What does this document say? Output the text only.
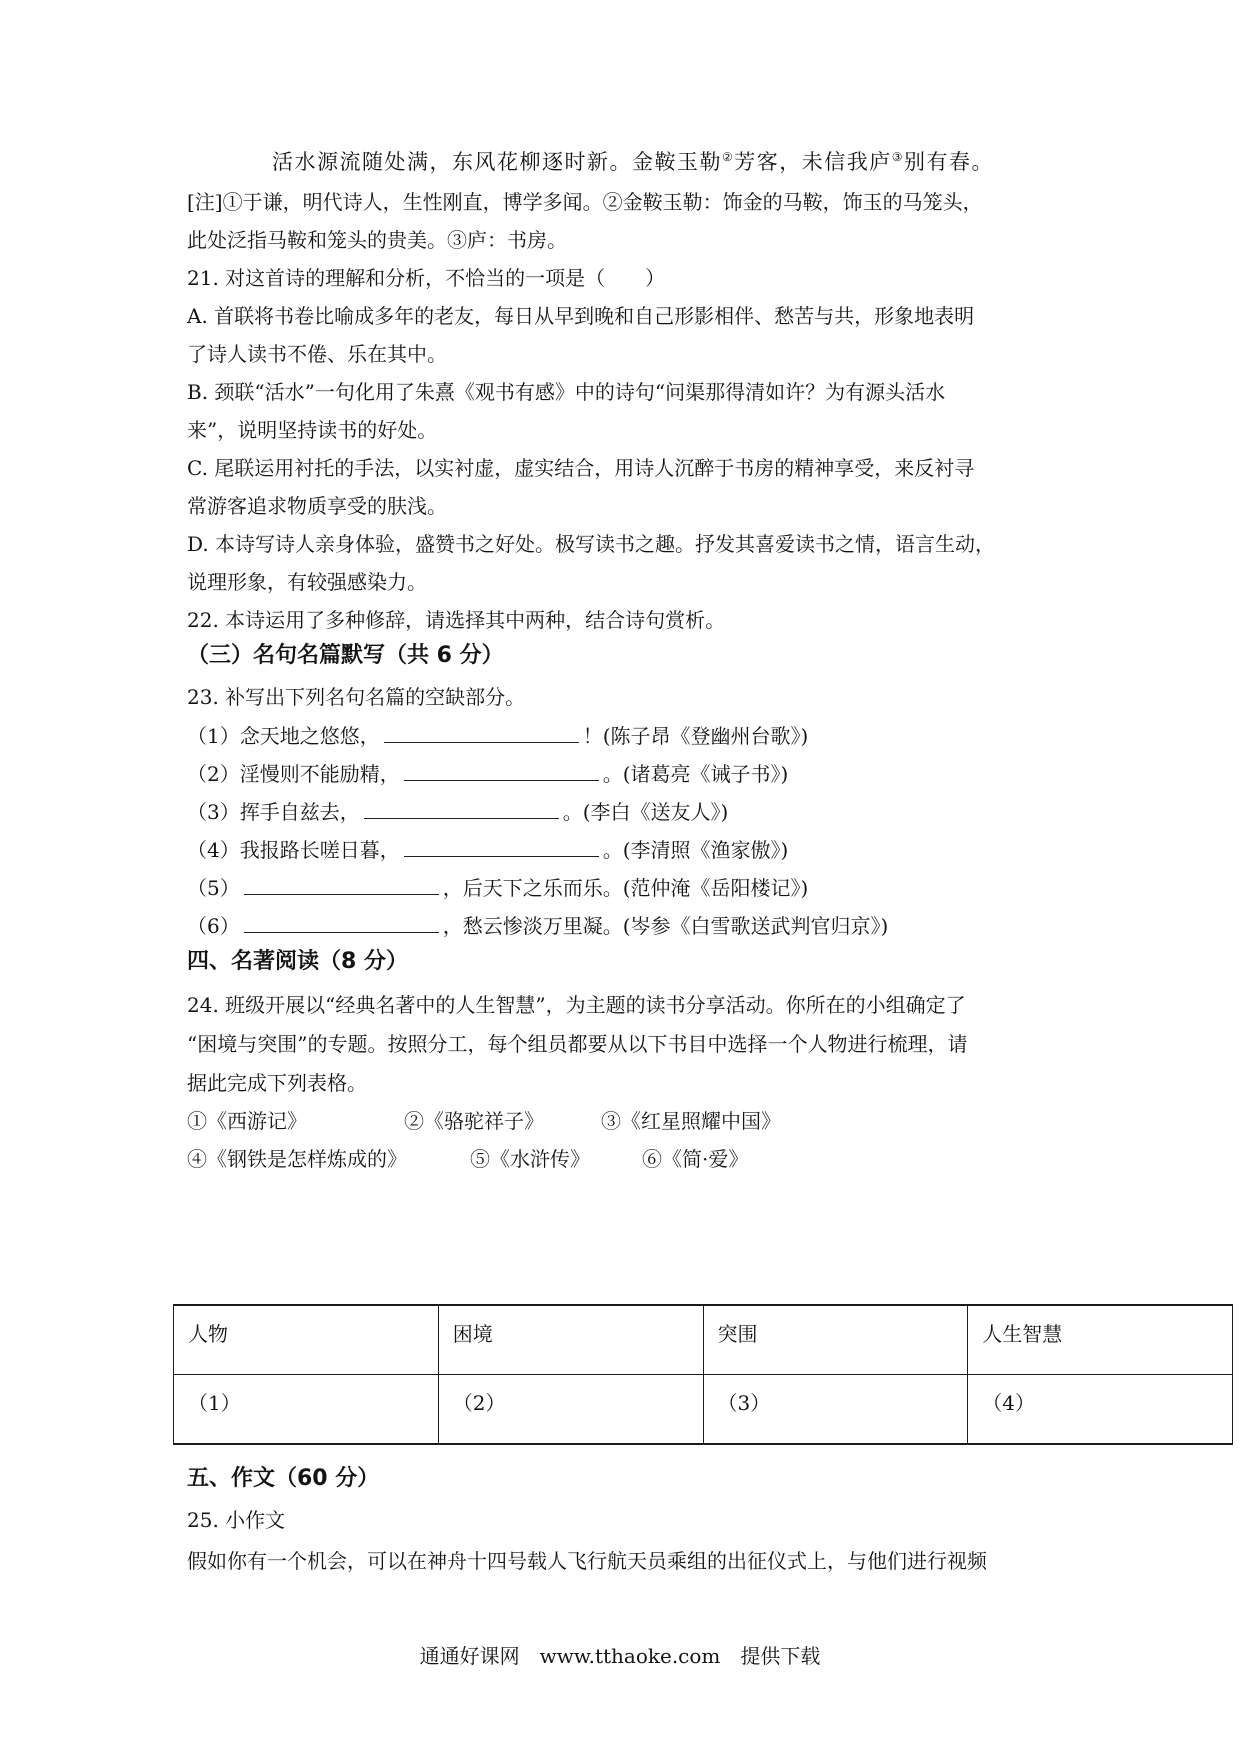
活水源流随处满，东风花柳逐时新。金鞍玉勒②芳客，未信我庐③别有春。
[注]①于谦，明代诗人，生性刚直，博学多闻。②金鞍玉勒：饰金的马鞍，饰玉的马笼头，
此处泛指马鞍和笼头的贵美。③庐：书房。
21. 对这首诗的理解和分析，不恰当的一项是（　　）
A. 首联将书卷比喻成多年的老友，每日从早到晚和自己形影相伴、愁苦与共，形象地表明
了诗人读书不倦、乐在其中。
B. 颈联“活水”一句化用了朱熹《观书有感》中的诗句“问渠那得清如许？为有源头活水
来”，说明坚持读书的好处。
C. 尾联运用衬托的手法，以实衬虚，虚实结合，用诗人沉醉于书房的精神享受，来反衬寻
常游客追求物质享受的肤浅。
D. 本诗写诗人亲身体验，盛赞书之好处。极写读书之趣。抒发其喜爱读书之情，语言生动，
说理形象，有较强感染力。
22. 本诗运用了多种修辞，请选择其中两种，结合诗句赏析。
（三）名句名篇默写（共 6 分）
23. 补写出下列名句名篇的空缺部分。
（1）念天地之悠悠，	！(陈子昂《登幽州台歌》)
（2）淫慢则不能励精，	。(诸葛亮《诫子书》)
（3）挥手自兹去，	。(李白《送友人》)
（4）我报路长嗟日暮，	。(李清照《渔家傲》)
（5）	，后天下之乐而乐。(范仲淹《岳阳楼记》)
（6）	，愁云惨淡万里凝。(岑参《白雪歌送武判官归京》)
四、名著阅读（8 分）
24. 班级开展以“经典名著中的人生智慧”，为主题的读书分享活动。你所在的小组确定了
“困境与突围”的专题。按照分工，每个组员都要从以下书目中选择一个人物进行梳理，请
据此完成下列表格。
①《西游记》	②《骆驼祥子》	③《红星照耀中国》
④《钢铁是怎样炼成的》	⑤《水浒传》	⑥《简·爱》
人物	困境	突围	人生智慧
（1）	（2）	（3）	（4）
五、作文（60 分）
25. 小作文
假如你有一个机会，可以在神舟十四号载人飞行航天员乘组的出征仪式上，与他们进行视频
通通好课网　www.tthaoke.com　提供下载
